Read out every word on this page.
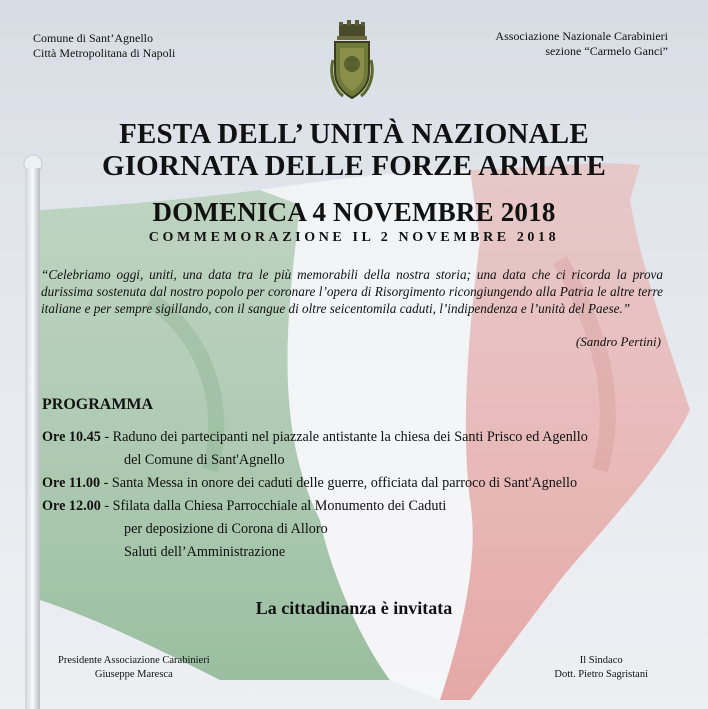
Comune di Sant’Agnello
Città Metropolitana di Napoli
Associazione Nazionale Carabinieri
sezione “Carmelo Ganci”
FESTA DELL’ UNITÀ NAZIONALE
GIORNATA DELLE FORZE ARMATE
DOMENICA 4 NOVEMBRE 2018
COMMEMORAZIONE IL 2 NOVEMBRE 2018
“Celebriamo oggi, uniti, una data tra le più memorabili della nostra storia; una data che ci ricorda la prova durissima sostenuta dal nostro popolo per coronare l’opera di Risorgimento ricongiungendo alla Patria le altre terre italiane e per sempre sigillando, con il sangue di oltre seicentomila caduti, l’indipendenza e l’unità del Paese.”
(Sandro Pertini)
PROGRAMMA
Ore 10.45 - Raduno dei partecipanti nel piazzale antistante la chiesa dei Santi Prisco ed Agenllo
del Comune di Sant'Agnello
Ore 11.00 - Santa Messa in onore dei caduti delle guerre, officiata dal parroco di Sant'Agnello
Ore 12.00 - Sfilata dalla Chiesa Parrocchiale al Monumento dei Caduti
per deposizione di Corona di Alloro
Saluti dell’Amministrazione
La cittadinanza è invitata
Presidente Associazione Carabinieri
Giuseppe Maresca
Il Sindaco
Dott. Pietro Sagristani
